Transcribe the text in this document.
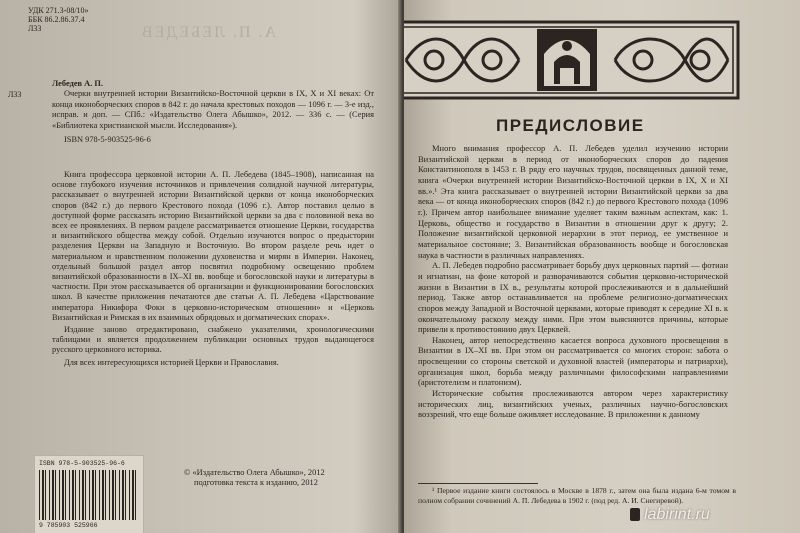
УДК 271.3-08/10»
ББК 86.2.86.37.4
Л33	А. П. ЛЕБЕДЕВ
Л33
Лебедев А. П.
Очерки внутренней истории Византийско-Восточной церкви в IX, X и XI веках: От конца иконоборческих споров в 842 г. до начала крестовых походов — 1096 г. — 3-е изд., исправ. и доп. — СПб.: «Издательство Олега Абышко», 2012. — 336 с. — (Серия «Библиотека христианской мысли. Исследования»).
ISBN 978-5-903525-96-6

Книга профессора церковной истории А. П. Лебедева (1845–1908), написанная на основе глубокого изучения источников и привлечения солидной научной литературы, рассказывает о внутренней истории Византийской церкви от конца иконоборческих споров (842 г.) до первого Крестового похода (1096 г.). Автор поставил целью в доступной форме рассказать историю Византийской церкви за два с половиной века во всех ее проявлениях. В первом разделе рассматривается отношение Церкви, государства и византийского общества между собой. Отдельно изучаются вопрос о предыстории разделения Церкви на Западную и Восточную. Во втором разделе речь идет о материальном и нравственном положении духовенства и мирян в Империи. Наконец, отдельный большой раздел автор посвятил подробному освещению проблем византийской образованности в IX–XI вв. вообще и богословской науки и литературы в частности. При этом рассказывается об организации и функционировании богословских школ. В качестве приложения печатаются две статьи А. П. Лебедева «Царствование императора Никифора Фоки в церковно-историческом отношении» и «Церковь Византийская и Римская в их взаимных обрядовых и догматических спорах».

Издание заново отредактировано, снабжено указателями, хронологическими таблицами и является продолжением публикации основных трудов выдающегося русского церковного историка.

Для всех интересующихся историей Церкви и Православия.

ISBN 978-5-903525-96-6
9 785903 525966
© «Издательство Олега Абышко», 2012
подготовка текста к изданию, 2012
ПРЕДИСЛОВИЕ

Много внимания профессор А. П. Лебедев уделил изучению истории Византийской церкви в период от иконоборческих споров до падения Константинополя в 1453 г. В ряду его научных трудов, посвященных данной теме, книга «Очерки внутренней истории Византийско-Восточной церкви в IX, X и XI вв.».¹ Эта книга рассказывает о внутренней истории Византийской церкви за два века — от конца иконоборческих споров (842 г.) до первого Крестового похода (1096 г.). Причем автор наибольшее внимание уделяет таким важным аспектам, как: 1. Церковь, общество и государство в Византии в отношении друг к другу; 2. Положение византийской церковной иерархии в этот период, ее умственное и материальное состояние; 3. Византийская образованность вообще и богословская наука в частности в различных направлениях.

А. П. Лебедев подробно рассматривает борьбу двух церковных партий — фотиан и игнатиан, на фоне которой и разворачиваются события церковно-исторической жизни в Византии в IX в., результаты которой прослеживаются и в дальнейший период. Также автор останавливается на проблеме религиозно-догматических споров между Западной и Восточной церквами, которые приводят к середине XI в. к окончательному расколу между ними. При этом выясняются причины, которые привели к противостоянию двух Церквей.

Наконец, автор непосредственно касается вопроса духовного просвещения в Византии в IX–XI вв. При этом он рассматривается со многих сторон: забота о просвещении со стороны светской и духовной властей (императоры и патриархи), организация школ, борьба между различными философскими направлениями (аристотелизм и платонизм).

Исторические события прослеживаются автором через характеристику исторических лиц, византийских ученых, различных научно-богословских воззрений, что еще больше оживляет исследование. В приложении к данному

¹ Первое издание книги состоялось в Москве в 1878 г., затем она была издана 6-м томом в полном собрании сочинений А. П. Лебедева в 1902 г. (под ред. А. И. Снегиревой).
labirint.ru
